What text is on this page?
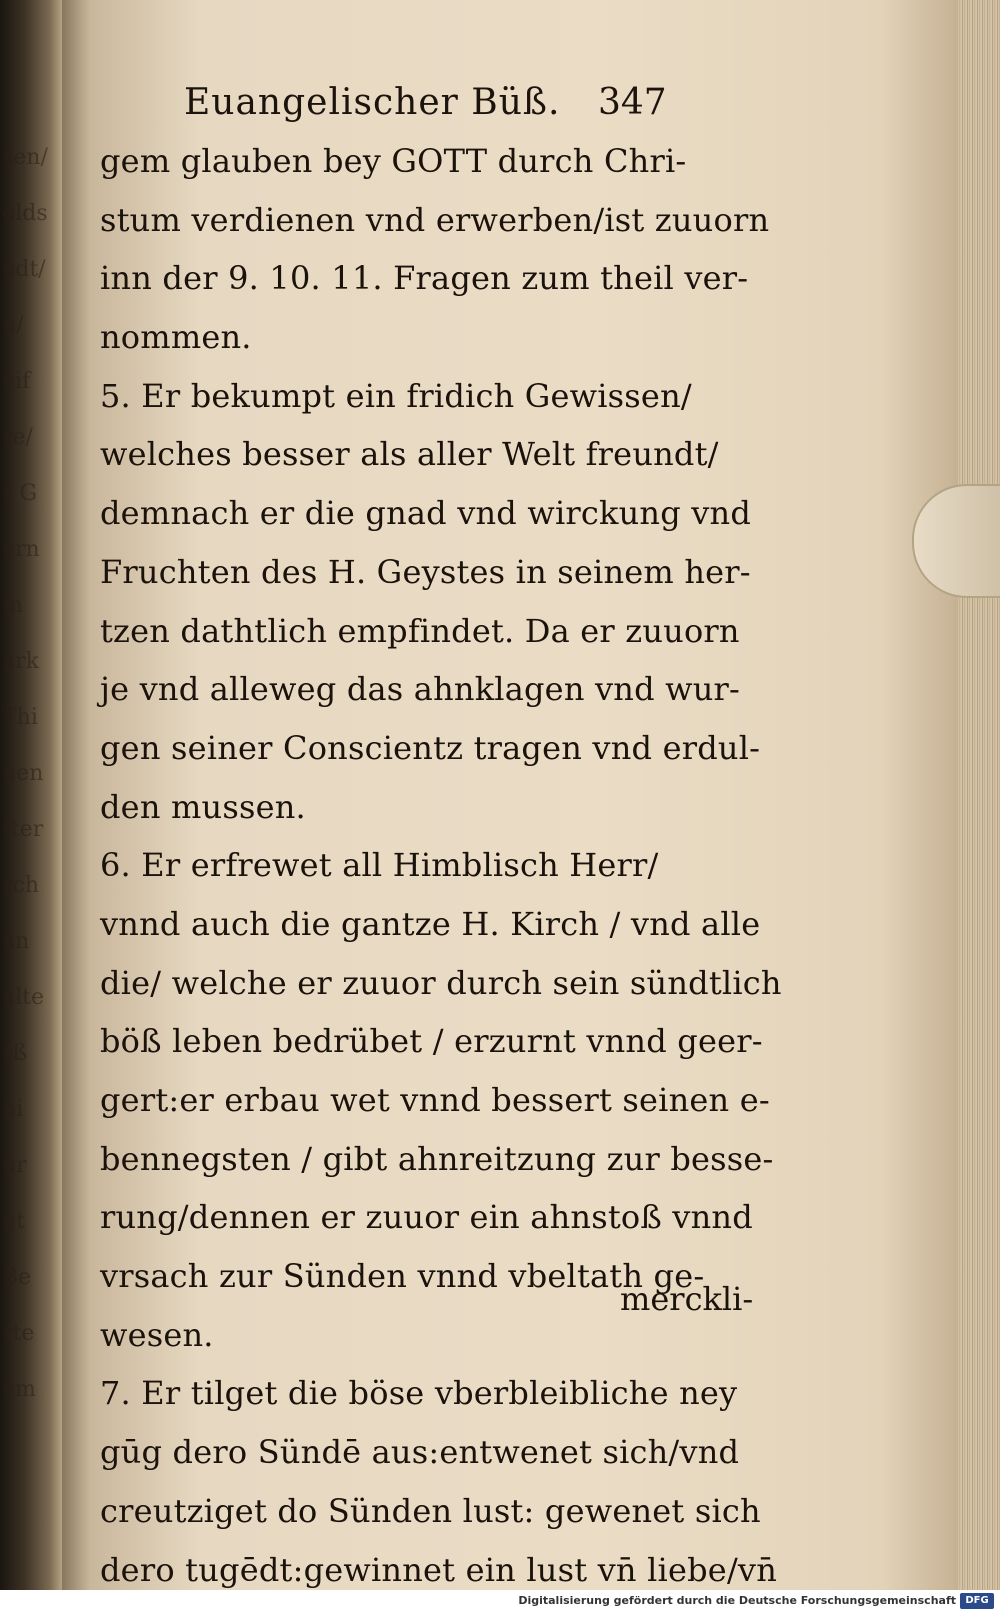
sen/
olds
odt/
n/
eif
re/
r G
ern
m
ark
Thi
nen
tter
rch
an
alte
rß
bi
ur
gt
Be
rte
em
Euangelischer Büß. 347
gem glauben bey GOTT durch Chri-
stum verdienen vnd erwerben/ist zuuorn
inn der 9. 10. 11. Fragen zum theil ver-
nommen.
5. Er bekumpt ein fridich Gewissen/
welches besser als aller Welt freundt/
demnach er die gnad vnd wirckung vnd
Fruchten des H. Geystes in seinem her-
tzen dathtlich empfindet. Da er zuuorn
je vnd alleweg das ahnklagen vnd wur-
gen seiner Conscientz tragen vnd erdul-
den mussen.
6. Er erfrewet all Himblisch Herr/
vnnd auch die gantze H. Kirch / vnd alle
die/ welche er zuuor durch sein sündtlich
böß leben bedrübet / erzurnt vnnd geer-
gert:er erbau wet vnnd bessert seinen e-
bennegsten / gibt ahnreitzung zur besse-
rung/dennen er zuuor ein ahnstoß vnnd
vrsach zur Sünden vnnd vbeltath ge-
wesen.
7. Er tilget die böse vberbleibliche ney
gūg dero Sündē aus:entwenet sich/vnd
creutziget do Sünden lust: gewenet sich
dero tugēdt:gewinnet ein lust vn̄ liebe/vn̄
merckli-
Digitalisierung gefördert durch die Deutsche Forschungsgemeinschaft DFG
